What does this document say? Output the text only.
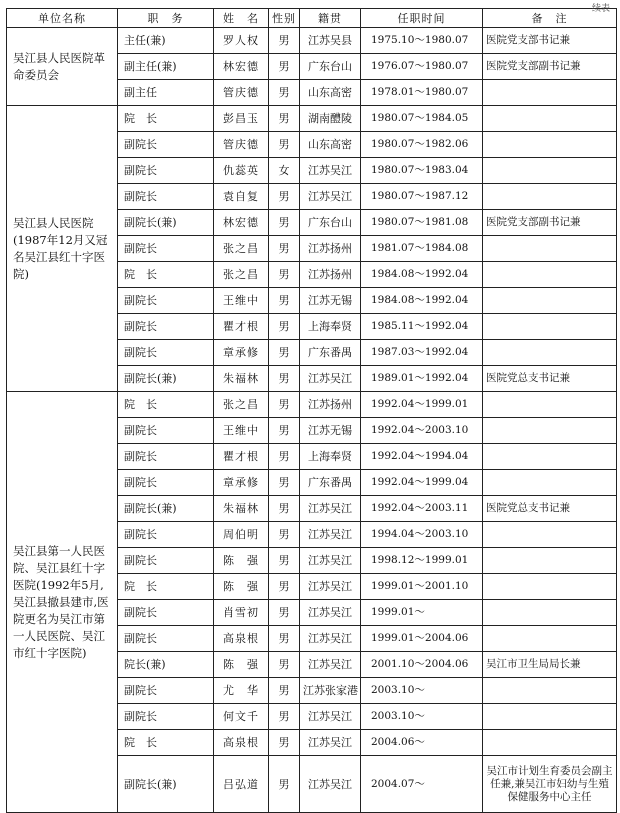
续表
单位名称	职　务	姓　名	性别	籍贯	任职时间	备　注
吴江县人民医院革命委员会	主任(兼)	罗人权	男	江苏吴县	1975.10～1980.07	医院党支部书记兼
	副主任(兼)	林宏德	男	广东台山	1976.07～1980.07	医院党支部副书记兼
	副主任	管庆德	男	山东高密	1978.01～1980.07	
吴江县人民医院(1987年12月又冠名吴江县红十字医院)	院　长	彭昌玉	男	湖南醴陵	1980.07～1984.05	
	副院长	管庆德	男	山东高密	1980.07～1982.06	
	副院长	仇蕊英	女	江苏吴江	1980.07～1983.04	
	副院长	袁自复	男	江苏吴江	1980.07～1987.12	
	副院长(兼)	林宏德	男	广东台山	1980.07～1981.08	医院党支部副书记兼
	副院长	张之昌	男	江苏扬州	1981.07～1984.08	
	院　长	张之昌	男	江苏扬州	1984.08～1992.04	
	副院长	王维中	男	江苏无锡	1984.08～1992.04	
	副院长	瞿才根	男	上海奉贤	1985.11～1992.04	
	副院长	章承修	男	广东番禺	1987.03～1992.04	
	副院长(兼)	朱福林	男	江苏吴江	1989.01～1992.04	医院党总支书记兼
吴江县第一人民医院、吴江县红十字医院(1992年5月,吴江县撤县建市,医院更名为吴江市第一人民医院、吴江市红十字医院)	院　长	张之昌	男	江苏扬州	1992.04～1999.01	
	副院长	王维中	男	江苏无锡	1992.04～2003.10	
	副院长	瞿才根	男	上海奉贤	1992.04～1994.04	
	副院长	章承修	男	广东番禺	1992.04～1999.04	
	副院长(兼)	朱福林	男	江苏吴江	1992.04～2003.11	医院党总支书记兼
	副院长	周伯明	男	江苏吴江	1994.04～2003.10	
	副院长	陈　强	男	江苏吴江	1998.12～1999.01	
	院　长	陈　强	男	江苏吴江	1999.01～2001.10	
	副院长	肖雪初	男	江苏吴江	1999.01～	
	副院长	高泉根	男	江苏吴江	1999.01～2004.06	
	院长(兼)	陈　强	男	江苏吴江	2001.10～2004.06	吴江市卫生局局长兼
	副院长	尤　华	男	江苏张家港	2003.10～	
	副院长	何文千	男	江苏吴江	2003.10～	
	院　长	高泉根	男	江苏吴江	2004.06～	
	副院长(兼)	吕弘道	男	江苏吴江	2004.07～	吴江市计划生育委员会副主任兼,兼吴江市妇幼与生殖保健服务中心主任
